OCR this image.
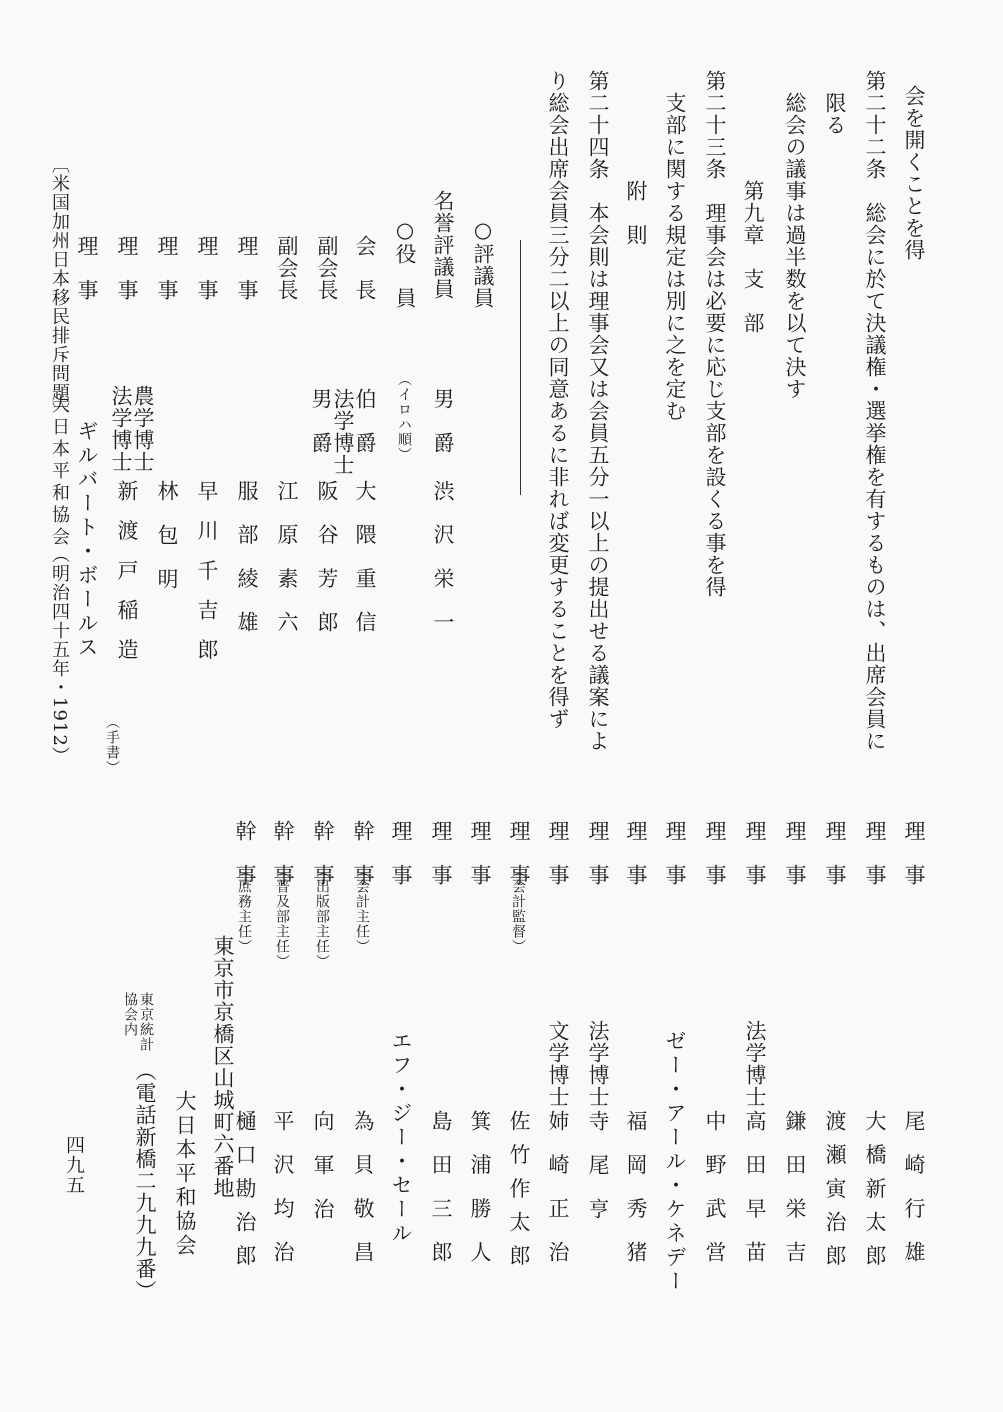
会を開くことを得
第二十二条　総会に於て決議権・選挙権を有するものは、出席会員に
限る
総会の議事は過半数を以て決す
第九章　支　部
第二十三条　理事会は必要に応じ支部を設くる事を得
支部に関する規定は別に之を定む
附　則
第二十四条　本会則は理事会又は会員五分一以上の提出せる議案によ
り総会出席会員三分二以上の同意あるに非れば変更することを得ず
○評議員
名誉評議員
男　爵
渋 沢 栄 一
○役　員
（イロハ順）
会　長
伯　爵
大 隈 重 信
副会長
法学博士
男　爵
阪 谷 芳 郎
副会長
江 原 素 六
理　事
服 部 綾 雄
理　事
早 川 千 吉 郎
理　事
林　包　明
理　事
農学博士
法学博士
新 渡 戸 稲 造
理　事
ギルバート・ボールス
（手書）
〔米国加州日本移民排斥問題〕
大日本平和協会
（明治四十五年・1912）
理　事
尾 崎 行 雄
理　事
大 橋 新 太 郎
理　事
渡 瀬 寅 治 郎
理　事
鎌 田 栄 吉
理　事
法学博士
高 田 早 苗
理　事
中 野 武 営
理　事
ゼー・アール・ケネデー
理　事
福 岡 秀 猪
理　事
法学博士
寺　尾　亨
理　事
文学博士
姉 崎 正 治
理　事
（会計監督）
佐 竹 作 太 郎
理　事
箕 浦 勝 人
理　事
島 田 三 郎
理　事
エフ・ジー・セール
幹　事
（会計主任）
為 貝 敬 昌
幹　事
（出版部主任）
向　軍　治
幹　事
（普及部主任）
平 沢 均 治
幹　事
（庶務主任）
樋 口 勘 治 郎
東京市京橋区山城町六番地
大日本平和協会
東京統計
協会内
（電話新橋二九九九番）
四九五
